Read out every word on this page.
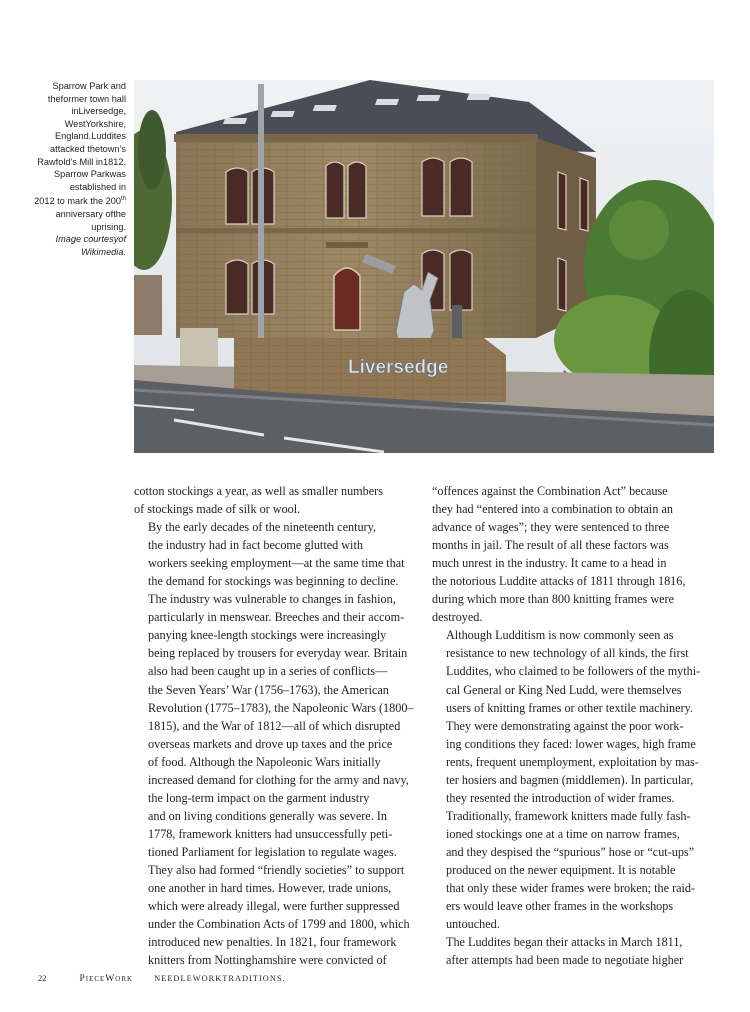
Sparrow Park and theformer town hall inLiversedge, WestYorkshire, England.Luddites attacked thetown’s Rawfold’s Mill in1812. Sparrow Parkwas established in
2012 to mark the 200th
anniversary ofthe uprising.
Image courtesyof Wikimedia.
Liversedge

cotton stockings a year, as well as smaller numbers
of stockings made of silk or wool.

By the early decades of the nineteenth century,
the industry had in fact become glutted with
workers seeking employment—at the same time that
the demand for stockings was beginning to decline.
The industry was vulnerable to changes in fashion,
particularly in menswear. Breeches and their accom-
panying knee-length stockings were increasingly
being replaced by trousers for everyday wear. Britain
also had been caught up in a series of conflicts—
the Seven Years’ War (1756–1763), the American
Revolution (1775–1783), the Napoleonic Wars (1800–
1815), and the War of 1812—all of which disrupted
overseas markets and drove up taxes and the price
of food. Although the Napoleonic Wars initially
increased demand for clothing for the army and navy,
the long-term impact on the garment industry
and on living conditions generally was severe. In
1778, framework knitters had unsuccessfully peti-
tioned Parliament for legislation to regulate wages.
They also had formed “friendly societies” to support
one another in hard times. However, trade unions,
which were already illegal, were further suppressed
under the Combination Acts of 1799 and 1800, which
introduced new penalties. In 1821, four framework
knitters from Nottinghamshire were convicted of

“offences against the Combination Act” because
they had “entered into a combination to obtain an
advance of wages”; they were sentenced to three
months in jail. The result of all these factors was
much unrest in the industry. It came to a head in
the notorious Luddite attacks of 1811 through 1816,
during which more than 800 knitting frames were
destroyed.

Although Ludditism is now commonly seen as
resistance to new technology of all kinds, the first
Luddites, who claimed to be followers of the mythi-
cal General or King Ned Ludd, were themselves
users of knitting frames or other textile machinery.
They were demonstrating against the poor work-
ing conditions they faced: lower wages, high frame
rents, frequent unemployment, exploitation by mas-
ter hosiers and bagmen (middlemen). In particular,
they resented the introduction of wider frames.
Traditionally, framework knitters made fully fash-
ioned stockings one at a time on narrow frames,
and they despised the “spurious” hose or “cut-ups”
produced on the newer equipment. It is notable
that only these wider frames were broken; the raid-
ers would leave other frames in the workshops
untouched.

The Luddites began their attacks in March 1811,
after attempts had been made to negotiate higher

22	PieceWork	NEEDLEWORKTRADITIONS.
